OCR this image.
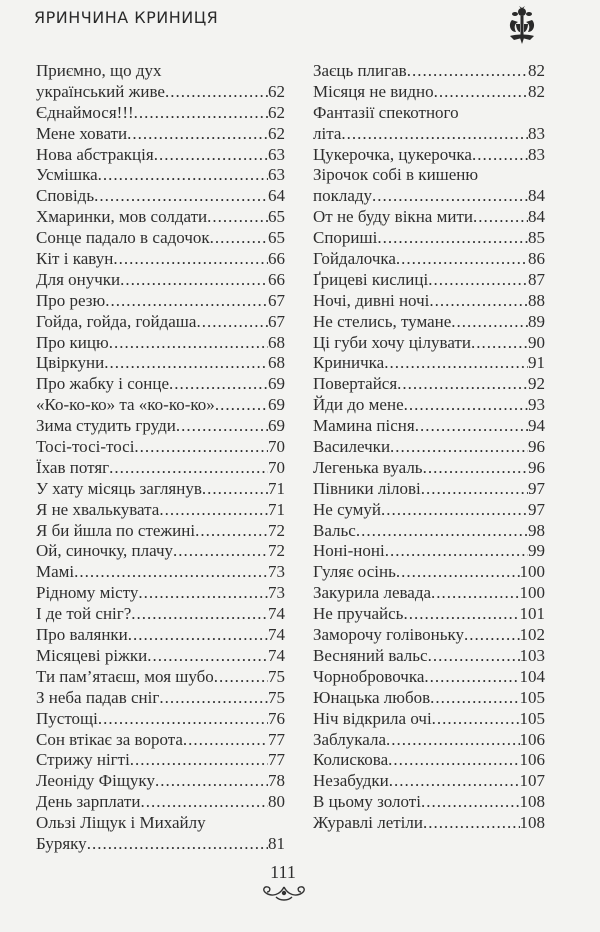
ЯРИНЧИНА КРИНИЦЯ
Приємно, що дух
український живе .....	62
Єднаймося!!! .....	62
Мене ховати .....	62
Нова абстракція .....	63
Усмішка .....	63
Сповідь .....	64
Хмаринки, мов солдати .....	65
Сонце падало в садочок .....	65
Кіт і кавун .....	66
Для онучки .....	66
Про резю .....	67
Гойда, гойда, гойдаша .....	67
Про кицю .....	68
Цвіркуни .....	68
Про жабку і сонце .....	69
«Ко-ко-ко» та «ко-ко-ко» .....	69
Зима студить груди .....	69
Тосі-тосі-тосі .....	70
Їхав потяг .....	70
У хату місяць заглянув .....	71
Я не хвалькувата .....	71
Я би йшла по стежині .....	72
Ой, синочку, плачу .....	72
Мамі .....	73
Рідному місту .....	73
І де той сніг? .....	74
Про валянки .....	74
Місяцеві ріжки .....	74
Ти пам’ятаєш, моя шубо .....	75
З неба падав сніг .....	75
Пустощі .....	76
Сон втікає за ворота .....	77
Стрижу нігті .....	77
Леоніду Фіщуку .....	78
День зарплати .....	80
Ользі Ліщук і Михайлу
Буряку .....	81
Заєць плигав .....	82
Місяця не видно .....	82
Фантазії спекотного
літа .....	83
Цукерочка, цукерочка .....	83
Зірочок собі в кишеню
покладу .....	84
От не буду вікна мити .....	84
Спориші .....	85
Гойдалочка .....	86
Ґрицеві кислиці .....	87
Ночі, дивні ночі .....	88
Не стелись, тумане .....	89
Ці губи хочу цілувати .....	90
Криничка .....	91
Повертайся .....	92
Йди до мене .....	93
Мамина пісня .....	94
Василечки .....	96
Легенька вуаль .....	96
Півники лілові .....	97
Не сумуй .....	97
Вальс .....	98
Ноні-ноні .....	99
Гуляє осінь .....	100
Закурила левада .....	100
Не пручайсь .....	101
Заморочу голівоньку .....	102
Весняний вальс .....	103
Чорнобровочка .....	104
Юнацька любов .....	105
Ніч відкрила очі .....	105
Заблукала .....	106
Колискова .....	106
Незабудки .....	107
В цьому золоті .....	108
Журавлі летіли .....	108
111
